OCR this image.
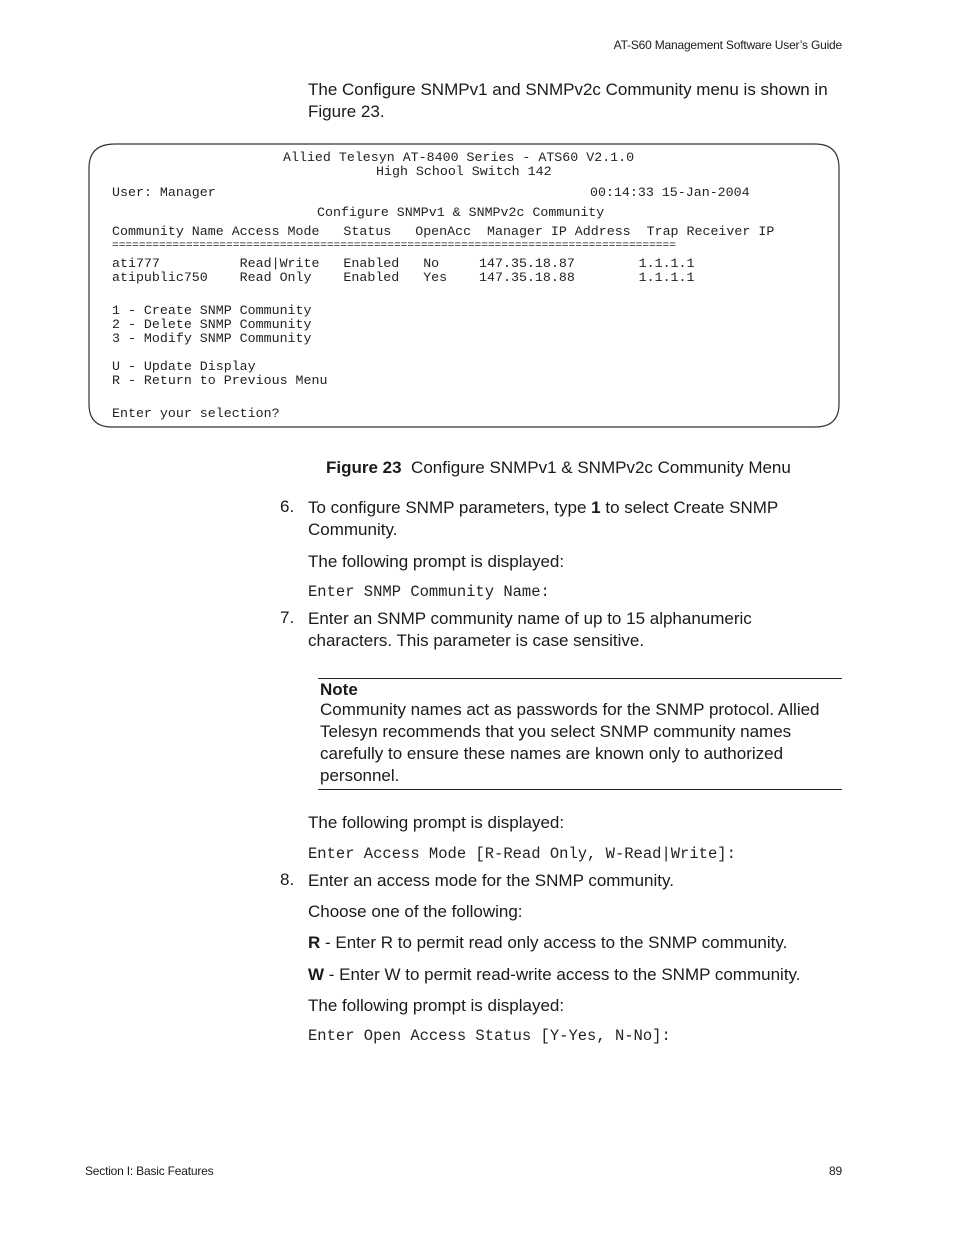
AT-S60 Management Software User’s Guide
The Configure SNMPv1 and SNMPv2c Community menu is shown in Figure 23.
Allied Telesyn AT-8400 Series - ATS60 V2.1.0
High School Switch 142
User: Manager	00:14:33 15-Jan-2004
Configure SNMPv1 & SNMPv2c Community
Community Name Access Mode   Status   OpenAcc  Manager IP Address  Trap Receiver IP
====================================================================================
ati777          Read|Write   Enabled   No     147.35.18.87        1.1.1.1
atipublic750    Read Only    Enabled   Yes    147.35.18.88        1.1.1.1
1 - Create SNMP Community
2 - Delete SNMP Community
3 - Modify SNMP Community
U - Update Display
R - Return to Previous Menu
Enter your selection?
Figure 23 Configure SNMPv1 & SNMPv2c Community Menu
6. To configure SNMP parameters, type 1 to select Create SNMP Community.
The following prompt is displayed:
Enter SNMP Community Name:
7. Enter an SNMP community name of up to 15 alphanumeric characters. This parameter is case sensitive.
Note
Community names act as passwords for the SNMP protocol. Allied Telesyn recommends that you select SNMP community names carefully to ensure these names are known only to authorized personnel.
The following prompt is displayed:
Enter Access Mode [R-Read Only, W-Read|Write]:
8. Enter an access mode for the SNMP community.
Choose one of the following:
R - Enter R to permit read only access to the SNMP community.
W - Enter W to permit read-write access to the SNMP community.
The following prompt is displayed:
Enter Open Access Status [Y-Yes, N-No]:
Section I: Basic Features	89
